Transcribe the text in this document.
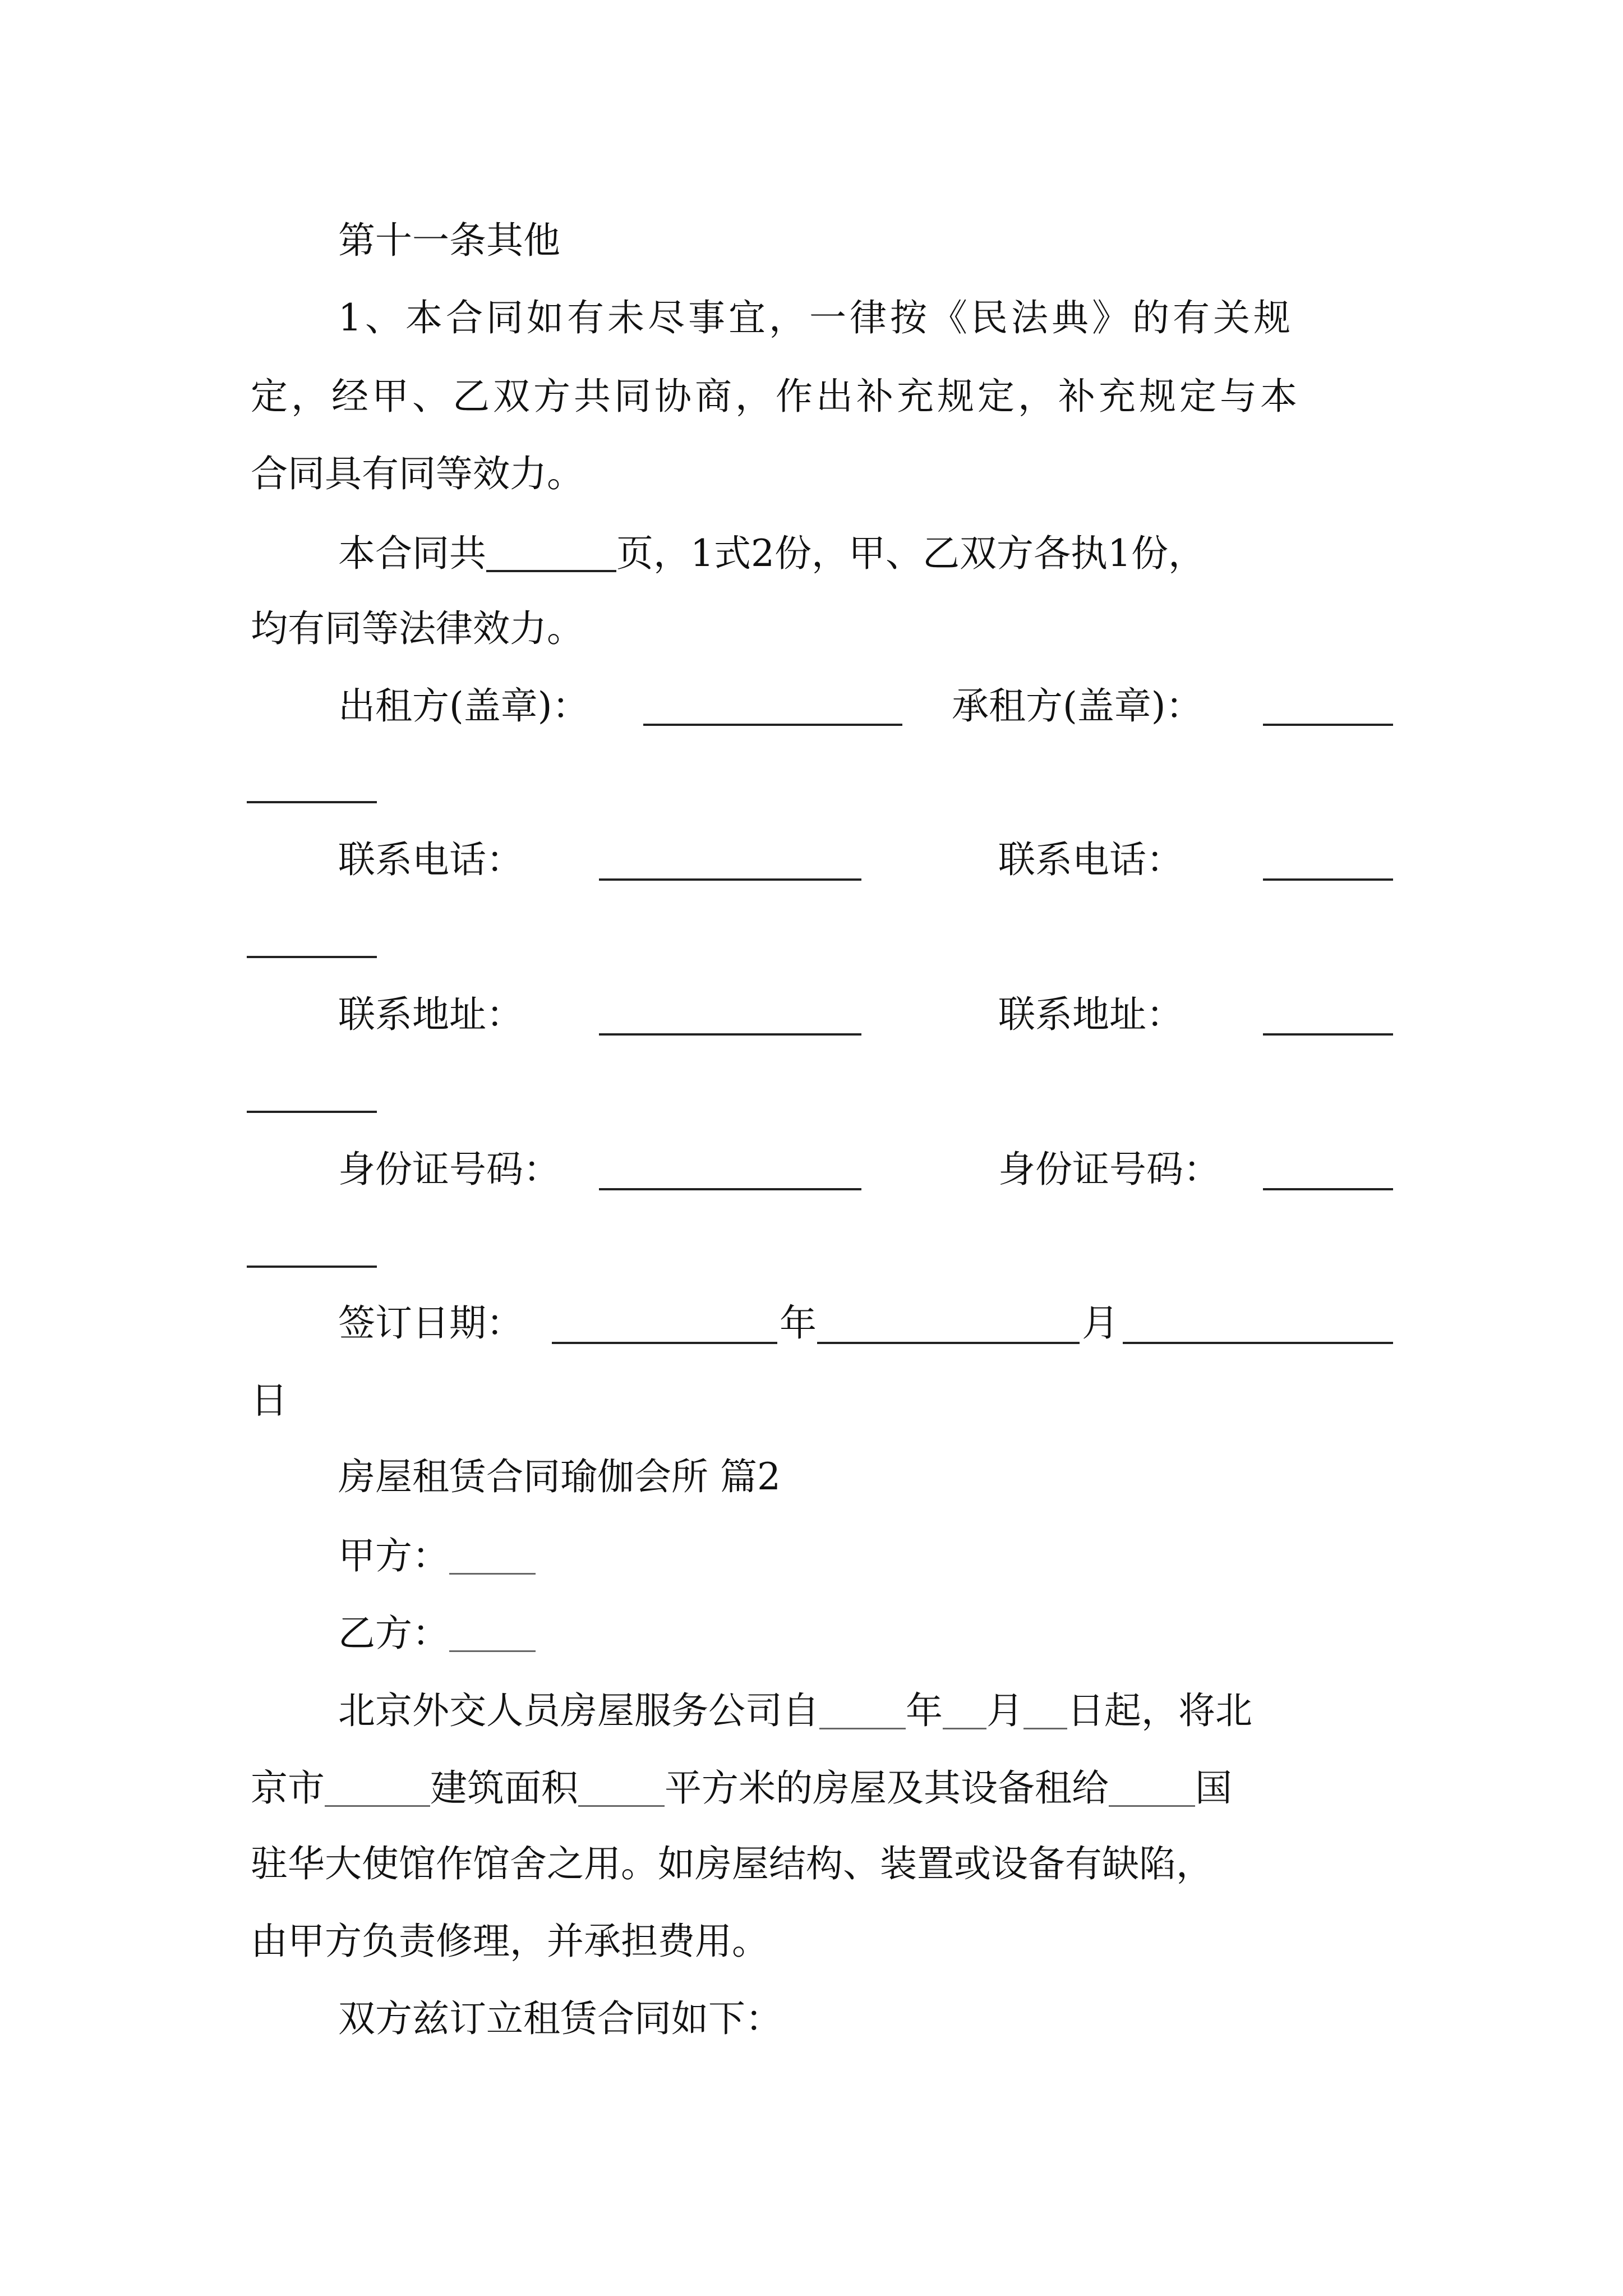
第十一条其他
1、本合同如有未尽事宜，一律按《民法典》的有关规
定，经甲、乙双方共同协商，作出补充规定，补充规定与本
合同具有同等效力。
本合同共	页，1式2份，甲、乙双方各执1份，
均有同等法律效力。
出租方(盖章)：	承租方(盖章)：
联系电话：	联系电话：
联系地址：	联系地址：
身份证号码：	身份证号码：
签订日期：	年	月
日
房屋租赁合同瑜伽会所 篇2
甲方：
乙方：
北京外交人员房屋服务公司自 年 月 日起，将北
京市	建筑面积 平方米的房屋及其设备租给 国
驻华大使馆作馆舍之用。如房屋结构、装置或设备有缺陷，
由甲方负责修理，并承担费用。
双方兹订立租赁合同如下：
